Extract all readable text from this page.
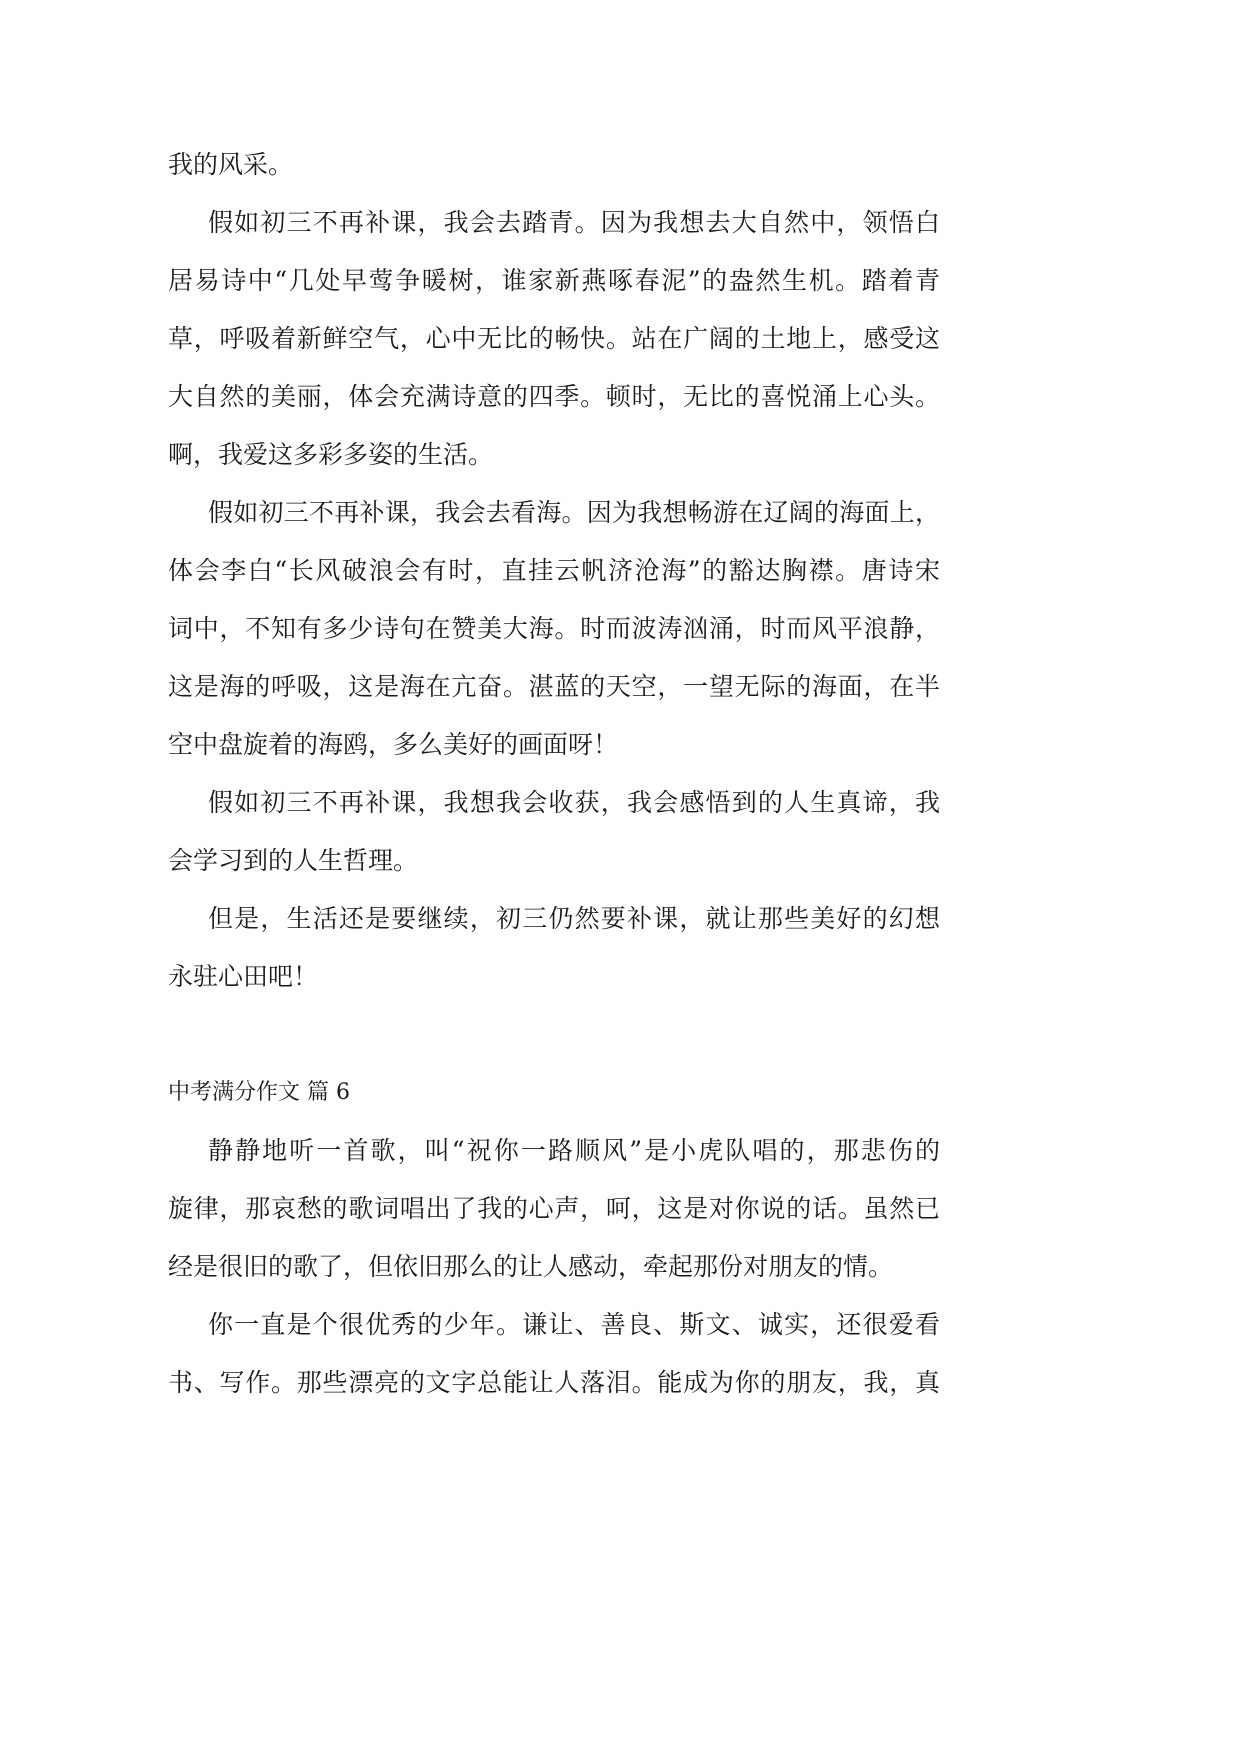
我的风采。
假如初三不再补课，我会去踏青。因为我想去大自然中，领悟白
居易诗中“几处早莺争暖树，谁家新燕啄春泥”的盎然生机。踏着青
草，呼吸着新鲜空气，心中无比的畅快。站在广阔的土地上，感受这
大自然的美丽，体会充满诗意的四季。顿时，无比的喜悦涌上心头。
啊，我爱这多彩多姿的生活。
假如初三不再补课，我会去看海。因为我想畅游在辽阔的海面上，
体会李白“长风破浪会有时，直挂云帆济沧海”的豁达胸襟。唐诗宋
词中，不知有多少诗句在赞美大海。时而波涛汹涌，时而风平浪静，
这是海的呼吸，这是海在亢奋。湛蓝的天空，一望无际的海面，在半
空中盘旋着的海鸥，多么美好的画面呀！
假如初三不再补课，我想我会收获，我会感悟到的人生真谛，我
会学习到的人生哲理。
但是，生活还是要继续，初三仍然要补课，就让那些美好的幻想
永驻心田吧！
中考满分作文 篇 6
静静地听一首歌，叫“祝你一路顺风”是小虎队唱的，那悲伤的
旋律，那哀愁的歌词唱出了我的心声，呵，这是对你说的话。虽然已
经是很旧的歌了，但依旧那么的让人感动，牵起那份对朋友的情。
你一直是个很优秀的少年。谦让、善良、斯文、诚实，还很爱看
书、写作。那些漂亮的文字总能让人落泪。能成为你的朋友，我，真
